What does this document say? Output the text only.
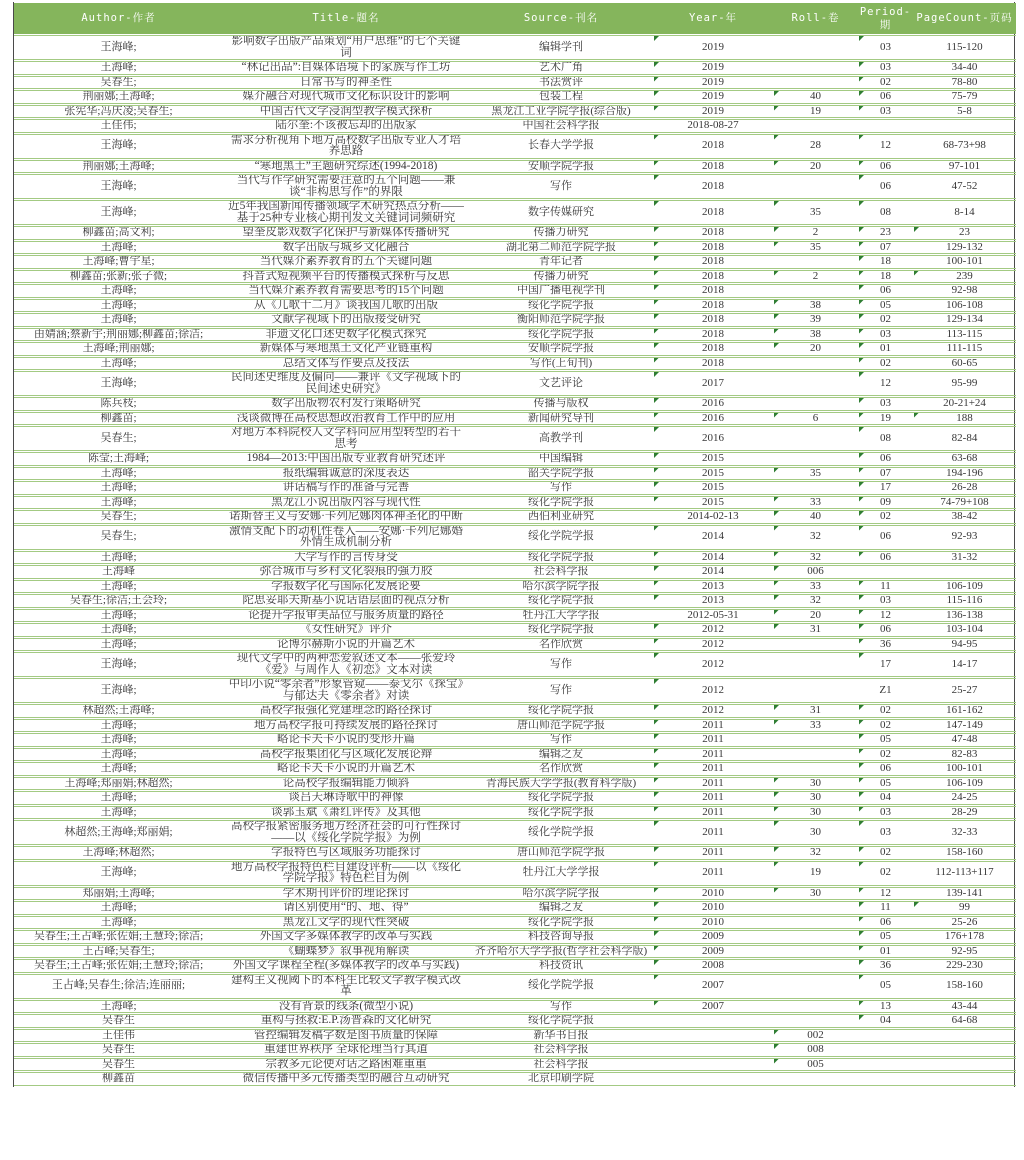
Author-作者	Title-题名	Source-刊名	Year-年	Roll-卷	Period-期	PageCount-页码
王海峰;	影响数字出版产品策划“用户思维”的七个关键词	编辑学刊	2019		03	115-120
王海峰;	“林记出品”:自媒体语境下的家族写作工坊	艺术广角	2019		03	34-40
吴春生;	日常书写的神圣性	书法赏评	2019		02	78-80
荆丽娜;王海峰;	媒介融合对现代城市文化标识设计的影响	包装工程	2019	40	06	75-79
张宪华;冯庆凌;吴春生;	中国古代文学浸润型教学模式探析	黑龙江工业学院学报(综合版)	2019	19	03	5-8
王佳伟;	陆尔奎:不该被忘却的出版家	中国社会科学报	2018-08-27			
王海峰;	需求分析视角下地方高校数字出版专业人才培养思路	长春大学学报	2018	28	12	68-73+98
荆丽娜;王海峰;	“寒地黑土”主题研究综述(1994-2018)	安顺学院学报	2018	20	06	97-101
王海峰;	当代写作学研究需要注意的五个问题——兼谈“非构思写作”的界限	写作	2018		06	47-52
王海峰;	近5年我国新闻传播领域学术研究热点分析——基于25种专业核心期刊发文关键词词频研究	数字传媒研究	2018	35	08	8-14
柳鑫苗;高文利;	望奎皮影戏数字化保护与新媒体传播研究	传播力研究	2018	2	23	23
王海峰;	数字出版与城乡文化融合	湖北第二师范学院学报	2018	35	07	129-132
王海峰;曹宇星;	当代媒介素养教育的五个关键问题	青年记者	2018		18	100-101
柳鑫苗;张新;张子微;	抖音式短视频平台的传播模式探析与反思	传播力研究	2018	2	18	239
王海峰;	当代媒介素养教育需要思考的15个问题	中国广播电视学刊	2018		06	92-98
王海峰;	从《儿歌十二月》谈我国儿歌的出版	绥化学院学报	2018	38	05	106-108
王海峰;	文献学视域下的出版接受研究	衡阳师范学院学报	2018	39	02	129-134
由婧涵;蔡新宇;荆丽娜;柳鑫苗;徐洁;	非遗文化口述史数字化模式探究	绥化学院学报	2018	38	03	113-115
王海峰;荆丽娜;	新媒体与寒地黑土文化产业链重构	安顺学院学报	2018	20	01	111-115
王海峰;	总结文体写作要点及技法	写作(上旬刊)	2018		02	60-65
王海峰;	民间述史维度及偏向——兼评《文学视域下的民间述史研究》	文艺评论	2017		12	95-99
陈兵枝;	数字出版物农村发行策略研究	传播与版权	2016		03	20-21+24
柳鑫苗;	浅谈微博在高校思想政治教育工作中的应用	新闻研究导刊	2016	6	19	188
吴春生;	对地方本科院校人文学科向应用型转型的若干思考	高教学刊	2016		08	82-84
陈莹;王海峰;	1984—2013:中国出版专业教育研究述评	中国编辑	2015		06	63-68
王海峰;	报纸编辑诚意的深度表达	韶关学院学报	2015	35	07	194-196
王海峰;	讲话稿写作的准备与完善	写作	2015		17	26-28
王海峰;	黑龙江小说出版内容与现代性	绥化学院学报	2015	33	09	74-79+108
吴春生;	诺斯替主义与安娜·卡列尼娜肉体神圣化的中断	西伯利亚研究	2014-02-13	40	02	38-42
吴春生;	激情支配下的动机性卷入——安娜·卡列尼娜婚外情生成机制分析	绥化学院学报	2014	32	06	92-93
王海峰;	大学写作的言传身受	绥化学院学报	2014	32	06	31-32
王海峰	弥合城市与乡村文化裂痕的强力胶	社会科学报	2014	006		
王海峰;	学报数字化与国际化发展论要	哈尔滨学院学报	2013	33	11	106-109
吴春生;徐洁;王会玲;	陀思妥耶夫斯基小说话语层面的视点分析	绥化学院学报	2013	32	03	115-116
王海峰;	论提升学报审美品位与服务质量的路径	牡丹江大学学报	2012-05-31	20	12	136-138
王海峰;	《女性研究》评介	绥化学院学报	2012	31	06	103-104
王海峰;	论博尔赫斯小说的开篇艺术	名作欣赏	2012		36	94-95
王海峰;	现代文学中的两种恋爱叙述文本——张爱玲《爱》与周作人《初恋》文本对读	写作	2012		17	14-17
王海峰;	中印小说“零余者”形象管窥——泰戈尔《探宝》与郁达夫《零余者》对读	写作	2012		Z1	25-27
林超然;王海峰;	高校学报强化党建理念的路径探讨	绥化学院学报	2012	31	02	161-162
王海峰;	地方高校学报可持续发展的路径探讨	唐山师范学院学报	2011	33	02	147-149
王海峰;	略论卡夫卡小说的变形开篇	写作	2011		05	47-48
王海峰;	高校学报集团化与区域化发展论辩	编辑之友	2011		02	82-83
王海峰;	略论卡夫卡小说的开篇艺术	名作欣赏	2011		06	100-101
王海峰;郑丽娟;林超然;	论高校学报编辑能力倾斜	青海民族大学学报(教育科学版)	2011	30	05	106-109
王海峰;	谈吕天琳诗歌中的神像	绥化学院学报	2011	30	04	24-25
王海峰;	谈郭玉斌《萧红评传》及其他	绥化学院学报	2011	30	03	28-29
林超然;王海峰;郑丽娟;	高校学报紧密服务地方经济社会的可行性探讨——以《绥化学院学报》为例	绥化学院学报	2011	30	03	32-33
王海峰;林超然;	学报特色与区域服务功能探讨	唐山师范学院学报	2011	32	02	158-160
王海峰;	地方高校学报特色栏目建设评析——以《绥化学院学报》特色栏目为例	牡丹江大学学报	2011	19	02	112-113+117
郑丽娟;王海峰;	学术期刊评价的理论探讨	哈尔滨学院学报	2010	30	12	139-141
王海峰;	请区别使用“的、地、得”	编辑之友	2010		11	99
王海峰;	黑龙江文学的现代性突破	绥化学院学报	2010		06	25-26
吴春生;王占峰;张佐娟;王慧玲;徐洁;	外国文学多媒体教学的改革与实践	科技咨询导报	2009		05	176+178
王占峰;吴春生;	《蝴蝶梦》叙事视角解读	齐齐哈尔大学学报(哲学社会科学版)	2009		01	92-95
吴春生;王占峰;张佐娟;王慧玲;徐洁;	外国文学课程全程(多媒体教学的改革与实践)	科技资讯	2008		36	229-230
王占峰;吴春生;徐洁;连丽丽;	建构主义视阈下的本科生比较文学教学模式改革	绥化学院学报	2007		05	158-160
王海峰;	没有背景的线条(微型小说)	写作	2007		13	43-44
吴春生	重构与拯救:E.P.汤普森的文化研究	绥化学院学报			04	64-68
王佳伟	管控编辑发稿字数是图书质量的保障	新华书目报		002		
吴春生	重建世界秩序 全球伦理当行其道	社会科学报		008		
吴春生	宗教多元论使对话之路困难重重	社会科学报		005		
柳鑫苗	微信传播中多元传播类型的融合互动研究	北京印刷学院				
